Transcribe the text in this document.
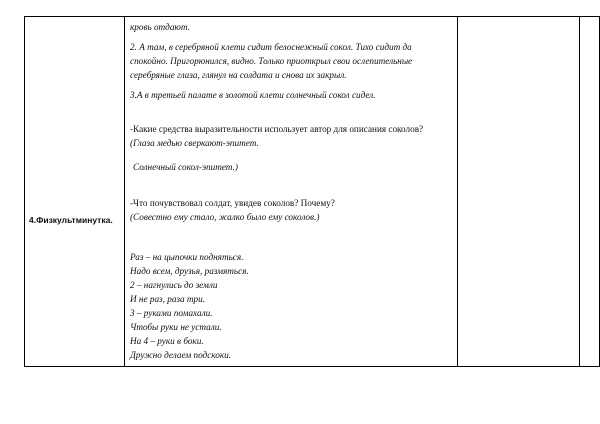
4.Физкультминутка.

кровь отдают.
2. А там, в серебряной клети сидит белоснежный сокол. Тихо сидит да
спокойно. Пригорюнился, видно. Только приоткрыл свои ослепительные
серебряные глаза, глянул на солдата и снова их закрыл.
3.А в третьей палате в золотой клети солнечный сокол сидел.
-Какие средства выразительности использует автор для описания соколов?
(Глаза медью сверкают-эпитет.
Солнечный сокол-эпитет.)
-Что почувствовал солдат, увидев соколов? Почему?
(Совестно ему стало, жалко было ему соколов.)
Раз – на цыпочки подняться.
Надо всем, друзья, размяться.
2 – нагнулись до земли
И не раз, раза три.
3 – руками помахали.
Чтобы руки не устали.
На 4 – руки в боки.
Дружно делаем подскоки.
